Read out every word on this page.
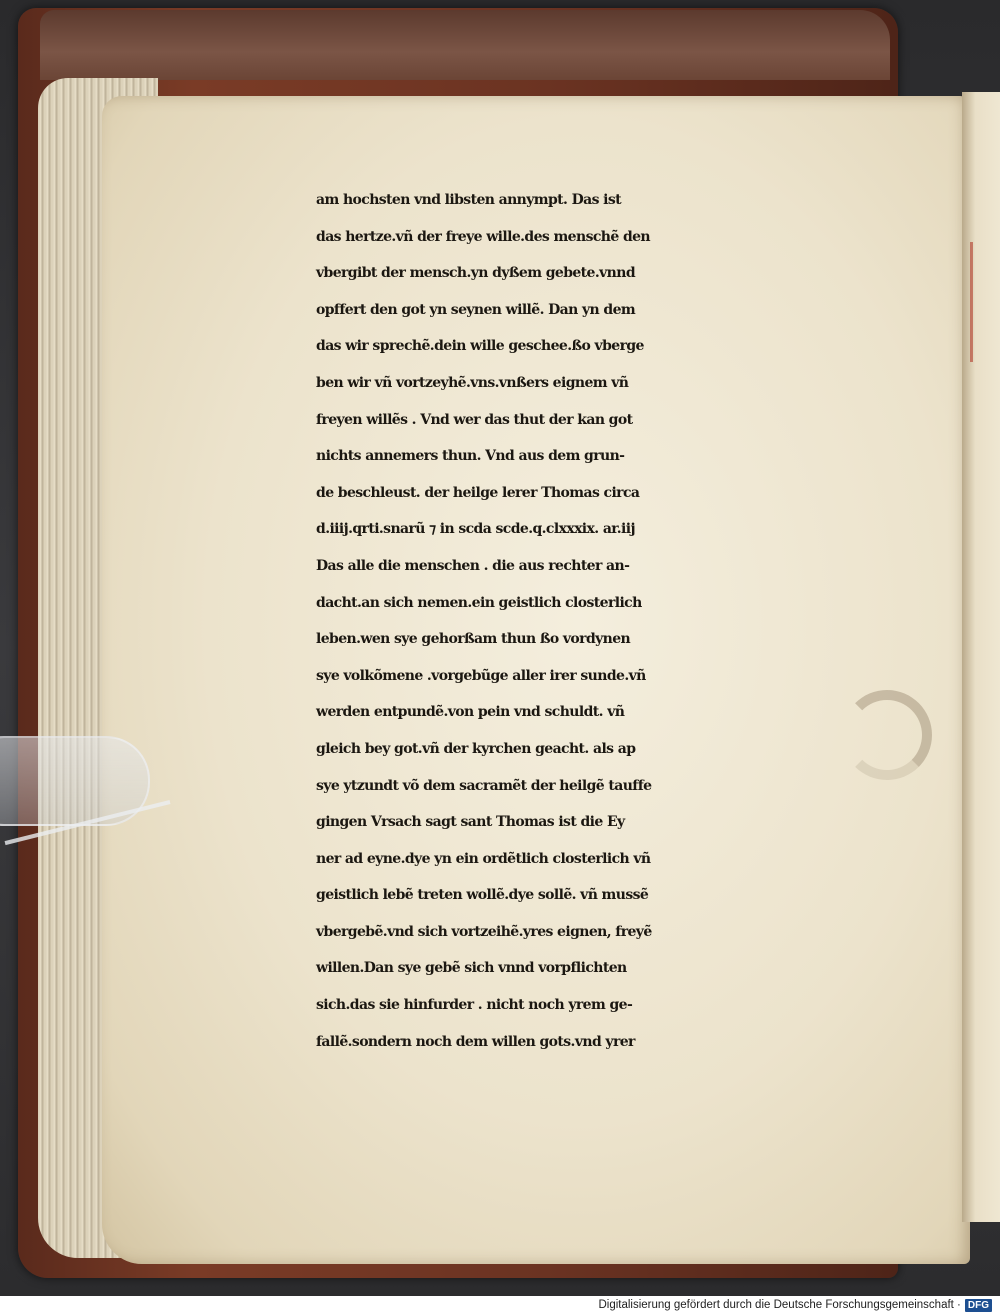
am hochsten vnd libsten annympt. Das ist
das hertze.vñ der freye wille.des menschẽ den
vbergibt der mensch.yn dyßem gebete.vnnd
opffert den got yn seynen willẽ. Dan yn dem
das wir sprechẽ.dein wille geschee.ßo vberge
ben wir vñ vortzeyhẽ.vns.vnßers eignem vñ
freyen willẽs . Vnd wer das thut der kan got
nichts annemers thun. Vnd aus dem grun-
de beschleust. der heilge lerer Thomas circa
d.iiij.qrti.snarũ ⁊ in scda scde.q.clxxxix. ar.iij
Das alle die menschen . die aus rechter an-
dacht.an sich nemen.ein geistlich closterlich
leben.wen sye gehorßam thun ßo vordynen
sye volkõmene .vorgebũge aller irer sunde.vñ
werden entpundẽ.von pein vnd schuldt. vñ
gleich bey got.vñ der kyrchen geacht. als ap
sye ytzundt võ dem sacramẽt der heilgẽ tauffe
gingen Vrsach sagt sant Thomas ist die Ey
ner ad eyne.dye yn ein ordẽtlich closterlich vñ
geistlich lebẽ treten wollẽ.dye sollẽ. vñ mussẽ
vbergebẽ.vnd sich vortzeihẽ.yres eignen, freyẽ
willen.Dan sye gebẽ sich vnnd vorpflichten
sich.das sie hinfurder . nicht noch yrem ge-
fallẽ.sondern noch dem willen gots.vnd yrer
Digitalisierung gefördert durch die Deutsche Forschungsgemeinschaft · DFG
